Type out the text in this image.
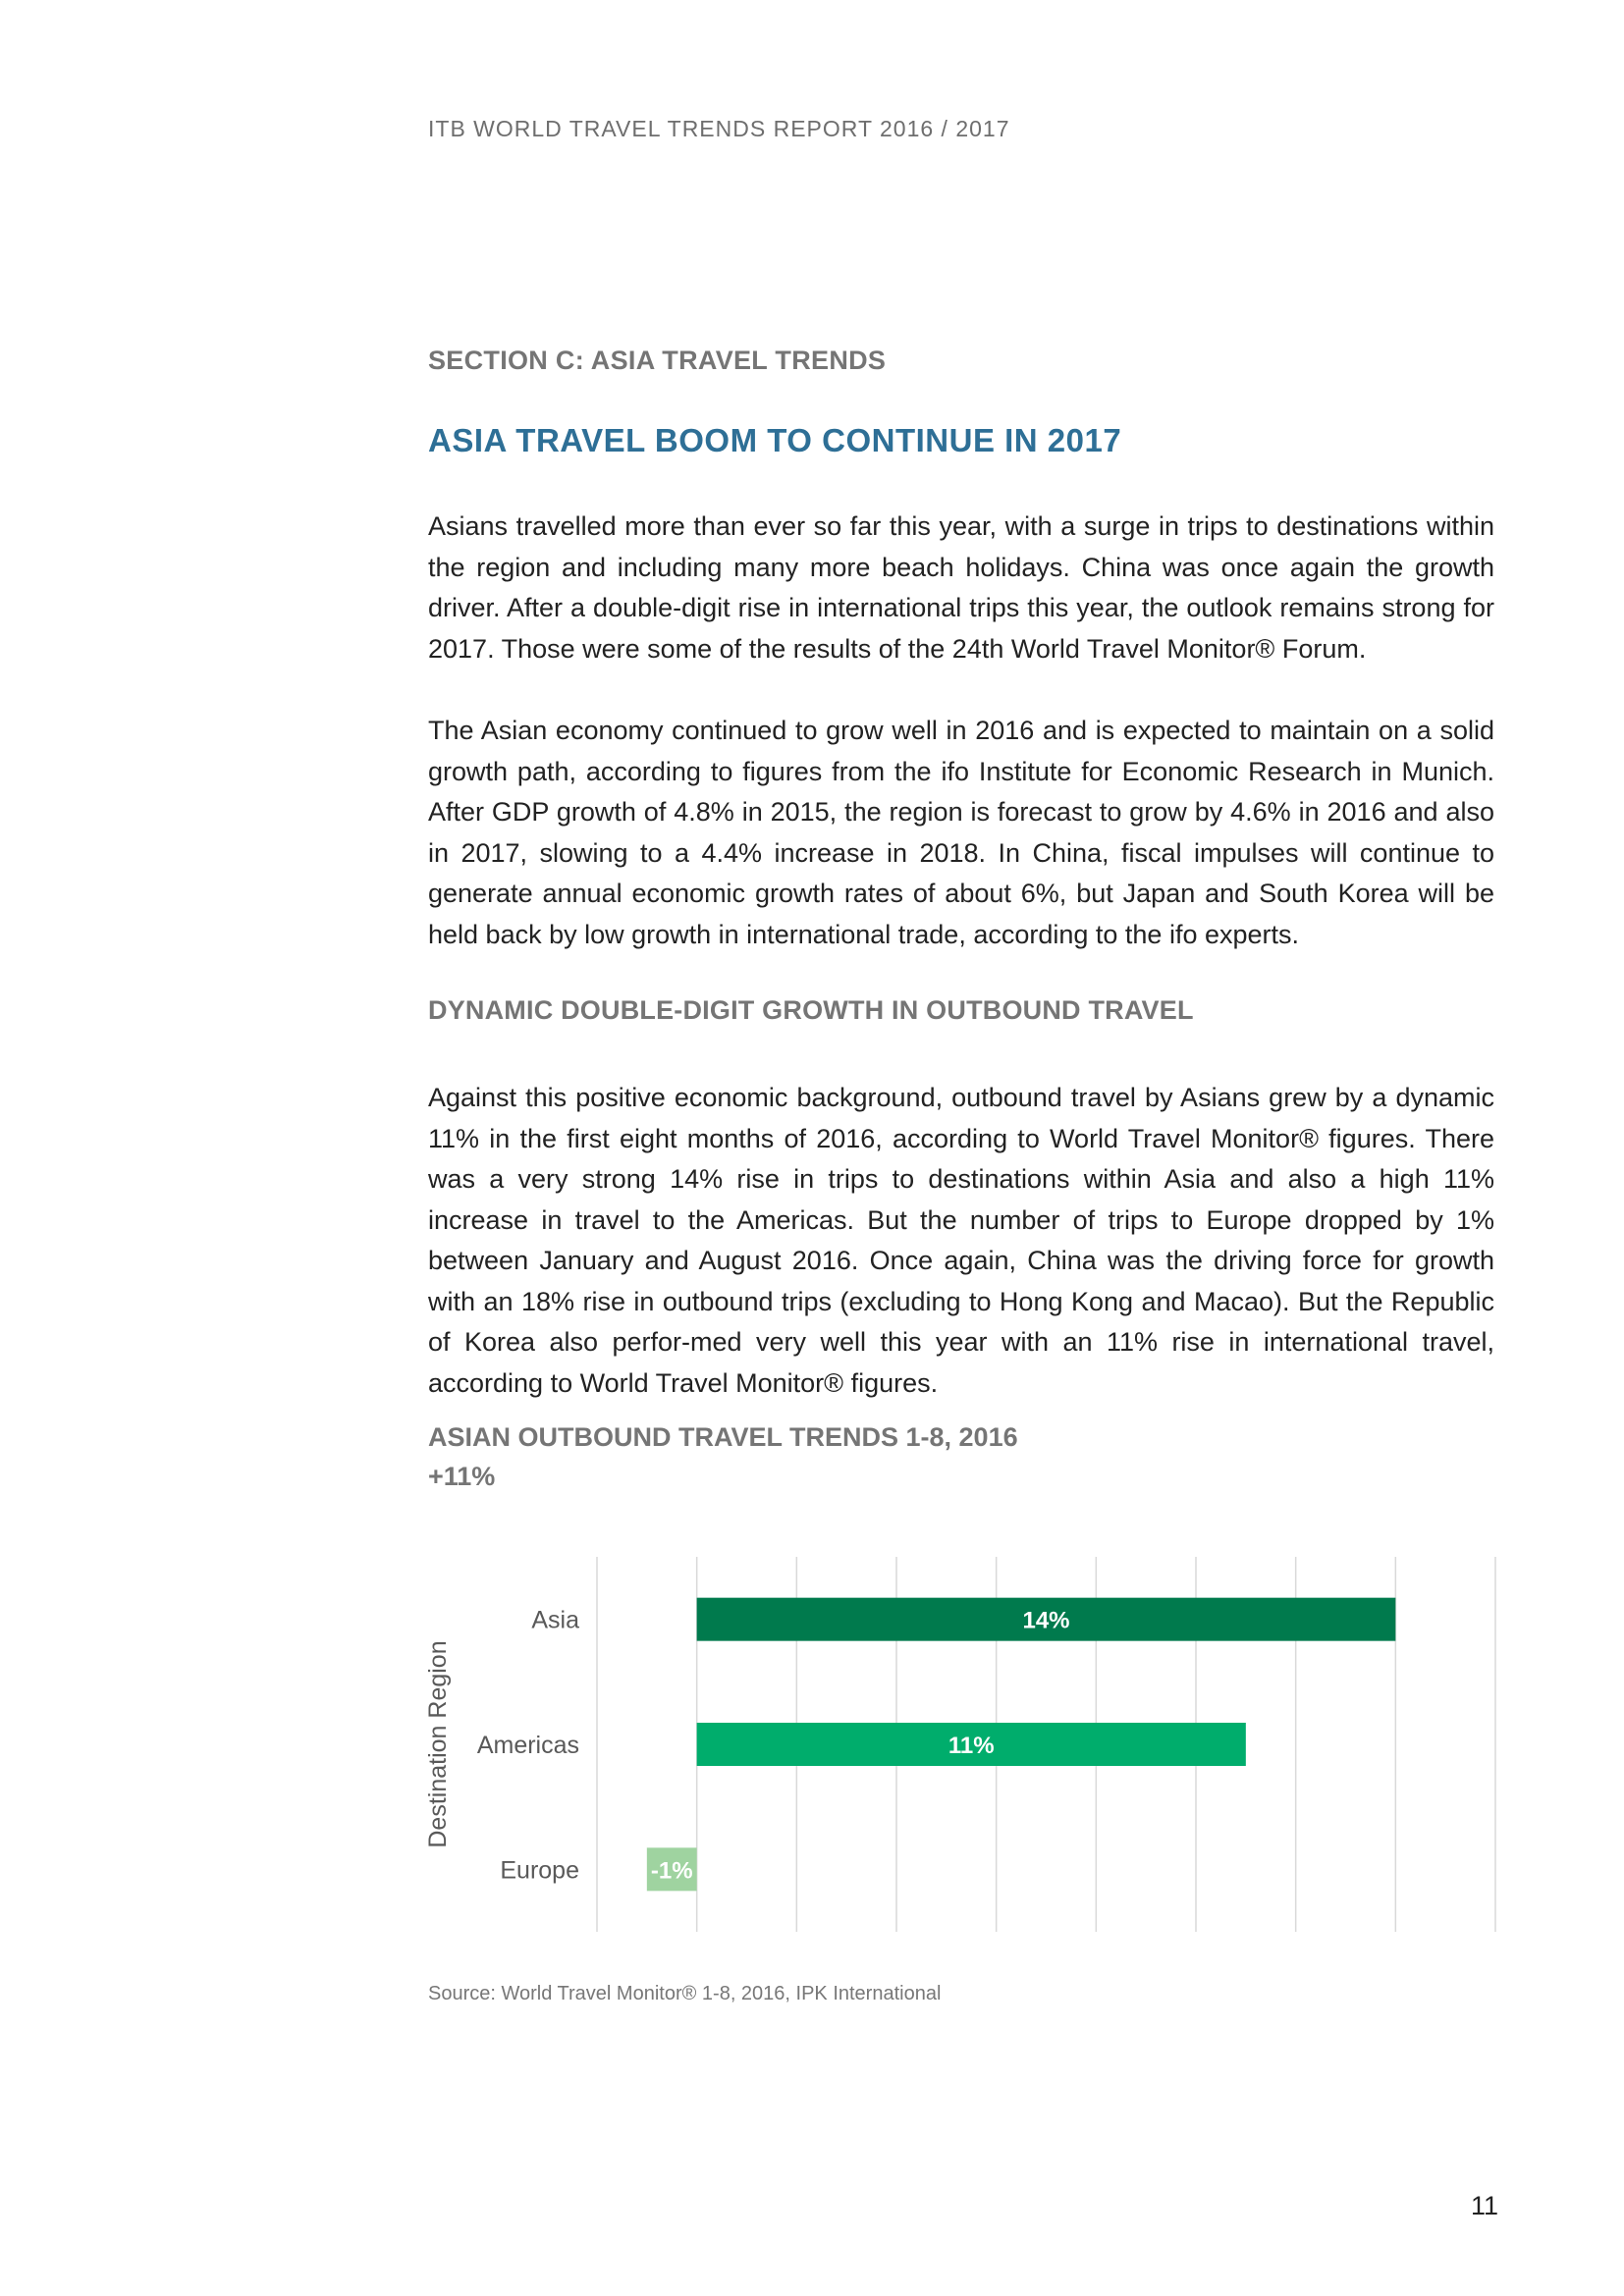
ITB WORLD TRAVEL TRENDS REPORT 2016 / 2017
SECTION C: ASIA TRAVEL TRENDS
ASIA TRAVEL BOOM TO CONTINUE IN 2017

Asians travelled more than ever so far this year, with a surge in trips to destinations within the region and including many more beach holidays. China was once again the growth driver. After a double-digit rise in international trips this year, the outlook remains strong for 2017. Those were some of the results of the 24th World Travel Monitor® Forum.

The Asian economy continued to grow well in 2016 and is expected to maintain on a solid growth path, according to figures from the ifo Institute for Economic Research in Munich. After GDP growth of 4.8% in 2015, the region is forecast to grow by 4.6% in 2016 and also in 2017, slowing to a 4.4% increase in 2018. In China, fiscal impulses will continue to generate annual economic growth rates of about 6%, but Japan and South Korea will be held back by low growth in international trade, according to the ifo experts.

DYNAMIC DOUBLE-DIGIT GROWTH IN OUTBOUND TRAVEL

Against this positive economic background, outbound travel by Asians grew by a dynamic 11% in the first eight months of 2016, according to World Travel Monitor® figures. There was a very strong 14% rise in trips to destinations within Asia and also a high 11% increase in travel to the Americas. But the number of trips to Europe dropped by 1% between January and August 2016. Once again, China was the driving force for growth with an 18% rise in outbound trips (excluding to Hong Kong and Macao). But the Republic of Korea also perfor-med very well this year with an 11% rise in international travel, according to World Travel Monitor® figures.

ASIAN OUTBOUND TRAVEL TRENDS 1-8, 2016
+11%
Destination Region
Asia	14%
Americas	11%
Europe	-1%
Source: World Travel Monitor® 1-8, 2016, IPK International
11
